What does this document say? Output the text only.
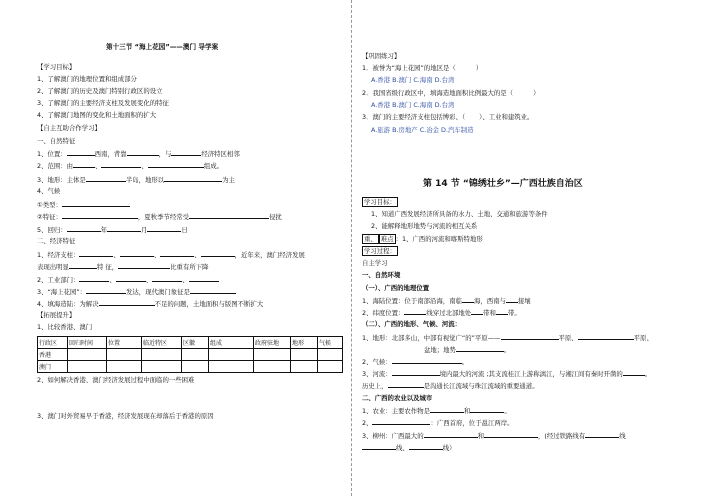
第十三节 “海上花园”——澳门 导学案
【学习目标】
1、了解澳门的地理位置和组成部分
2、了解澳门的历史及澳门特别行政区的设立
3、了解澳门的主要经济支柱及发展变化的特征
4、了解澳门地图的变化和土地面积的扩大
【自主互助合作学习】
一、自然特征
1、位置：	西南，背靠	，与	经济特区相邻
2、范围：由	、	、	组成。
3、地形：主体是	半岛，地形以	为主
4、气候
①类型：
②特征：	，夏秋季节经常受	侵扰
5、回归：	年	月	日
二、经济特征
1、经济支柱：	、	、	、	，近年来，澳门经济发展
表现出明显	特 征，	比重有所下降
2、工业部门：	、	、	、
3、“海上花园”：	发达，现代澳门象征是
4、填海造陆：为解决	不足的问题，土地面积与版图不断扩大
【拓展提升】
1、比较香港、澳门
行政区	回归时间	位置	临近特区	区徽	组成	政府驻地	地形	气候
香港								
澳门								
2、如何解决香港、澳门经济发展过程中面临的一些困难
3、澳门对外贸易早于香港，经济发展现在却落后于香港的原因
【巩固练习】
1．被誉为“海上花园”的地区是（	）
A.香港 B.澳门 C.海南 D.台湾
2．我国省级行政区中，填海造地面积比例最大的是（	）
A.香港 B.澳门 C.海南 D.台湾
3．澳门的主要经济支柱包括博彩、（ ）、工业和建筑业。
A.旅游 B.房地产 C.冶金 D.汽车制造
第 14 节 “锦绣壮乡”—广西壮族自治区
学习目标：
1、知道广西发展经济所具备的水力、土地、交通和旅游等条件
2、能解释地形地势与河流的相互关系
重、 难点 ：1、广西的河流和喀斯特地形
学习过程：
自主学习
一、自然环境
（一）、广西的地理位置
1、海陆位置：位于南部沿海，南临 海，西南与 接壤
2、纬度位置：	线穿过北部地处 带和 带。
（二）、广西的地形、气候、河流：
1、地形：北部多山，中部有视觉广“的”平原——	平原、	平原、
盆地；地势	。
2、气候：	。
3、河流：	境内最大的河流 ;其支流桂江上游称漓江，与湘江间有秦时开凿的	。
历史上，	是沟通长江流域与珠江流域的重要通道。
二、广西的农业以及城市
1、农业：主要农作物是	和	。
2、	：广西首府，位于邕江两岸。
3、柳州：广西最大的	和	，(经过铁路线有	线
线、	线）
